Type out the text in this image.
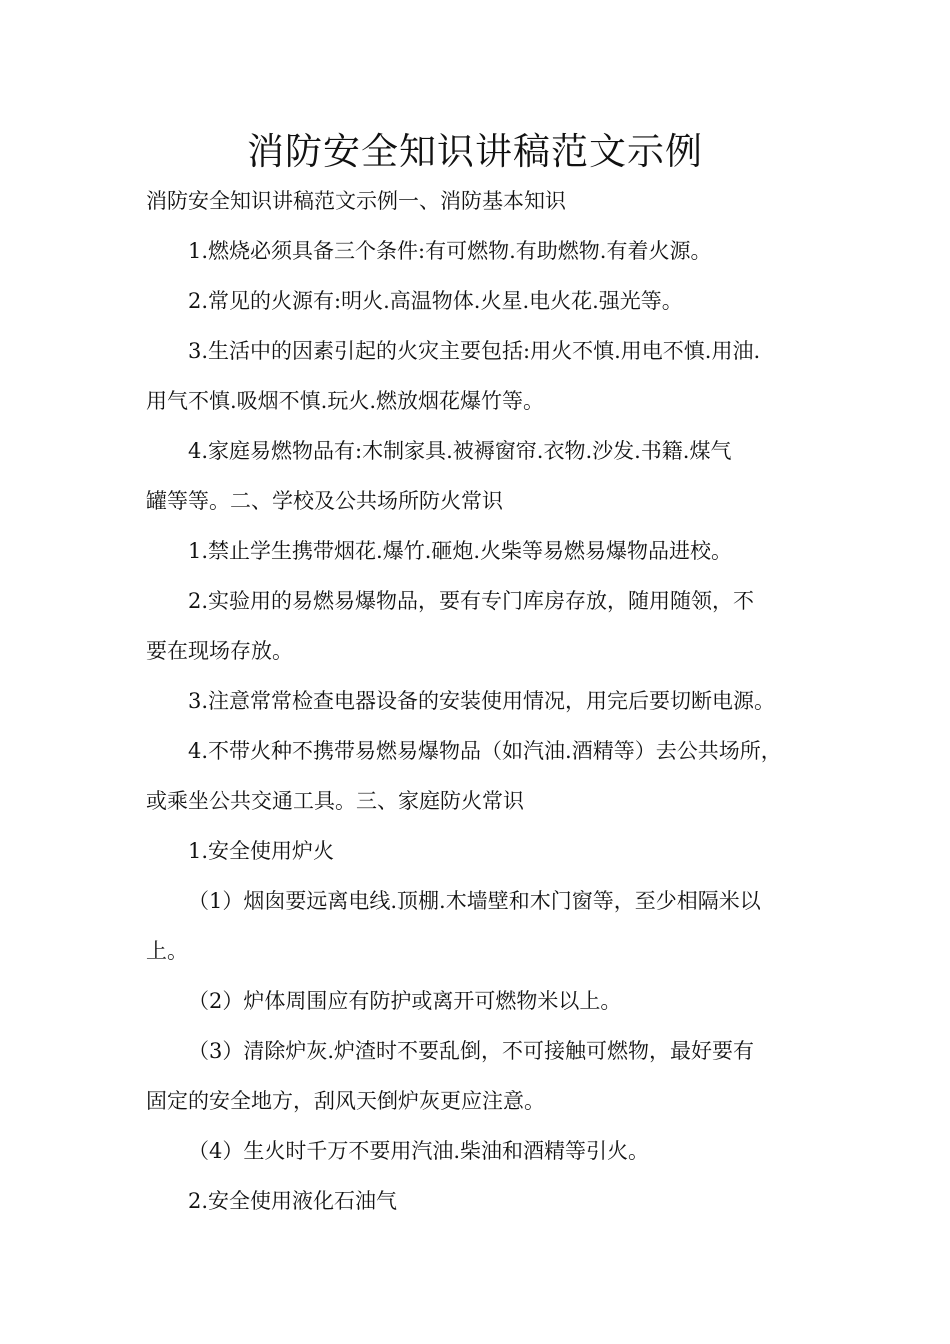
消防安全知识讲稿范文示例

消防安全知识讲稿范文示例一、消防基本知识

1.燃烧必须具备三个条件:有可燃物.有助燃物.有着火源。

2.常见的火源有:明火.高温物体.火星.电火花.强光等。

3.生活中的因素引起的火灾主要包括:用火不慎.用电不慎.用油.

用气不慎.吸烟不慎.玩火.燃放烟花爆竹等。

4.家庭易燃物品有:木制家具.被褥窗帘.衣物.沙发.书籍.煤气

罐等等。二、学校及公共场所防火常识

1.禁止学生携带烟花.爆竹.砸炮.火柴等易燃易爆物品进校。

2.实验用的易燃易爆物品，要有专门库房存放，随用随领，不

要在现场存放。

3.注意常常检查电器设备的安装使用情况，用完后要切断电源。

4.不带火种不携带易燃易爆物品（如汽油.酒精等）去公共场所，

或乘坐公共交通工具。三、家庭防火常识

1.安全使用炉火

（1）烟囱要远离电线.顶棚.木墙壁和木门窗等，至少相隔米以

上。

（2）炉体周围应有防护或离开可燃物米以上。

（3）清除炉灰.炉渣时不要乱倒，不可接触可燃物，最好要有

固定的安全地方，刮风天倒炉灰更应注意。

（4）生火时千万不要用汽油.柴油和酒精等引火。

2.安全使用液化石油气
